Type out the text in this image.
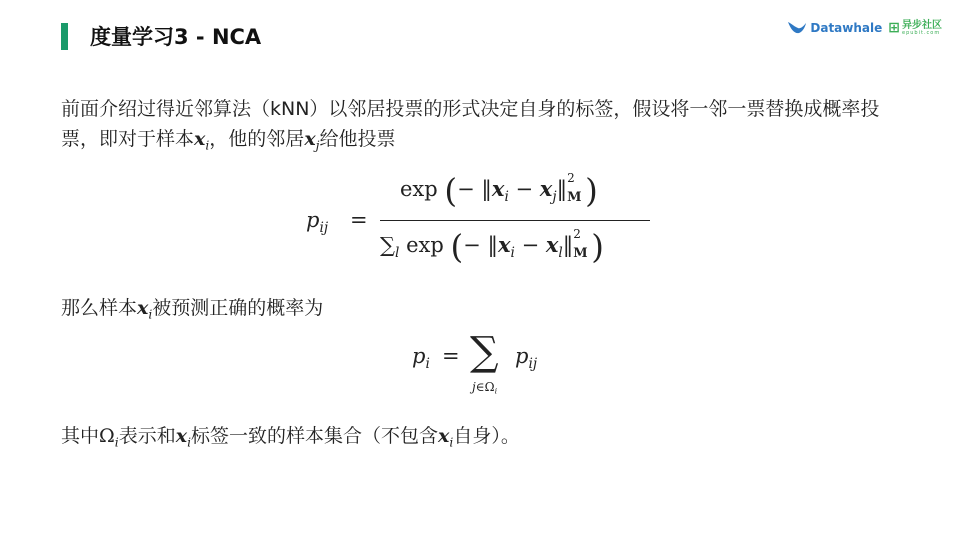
度量学习3 - NCA	Datawhale ⊞ 异步社区
epubit.com
前面介绍过得近邻算法（kNN）以邻居投票的形式决定自身的标签，假设将一邻一票替换成概率投票，即对于样本$x_i$，他的邻居$x_j$给他投票
$p_{ij}$ =
exp (− $‖x_i$ − $x_j‖$ 2
M )
$\sum_l$ exp (− $‖x_i$ − $x_l‖$ 2
M )
那么样本$x_i$被预测正确的概率为
$p_i$ = ∑
$j\in\Omega_i$
$p_{ij}$
其中$\Omega_i$表示和$x_i$标签一致的样本集合（不包含$x_i$自身）。
